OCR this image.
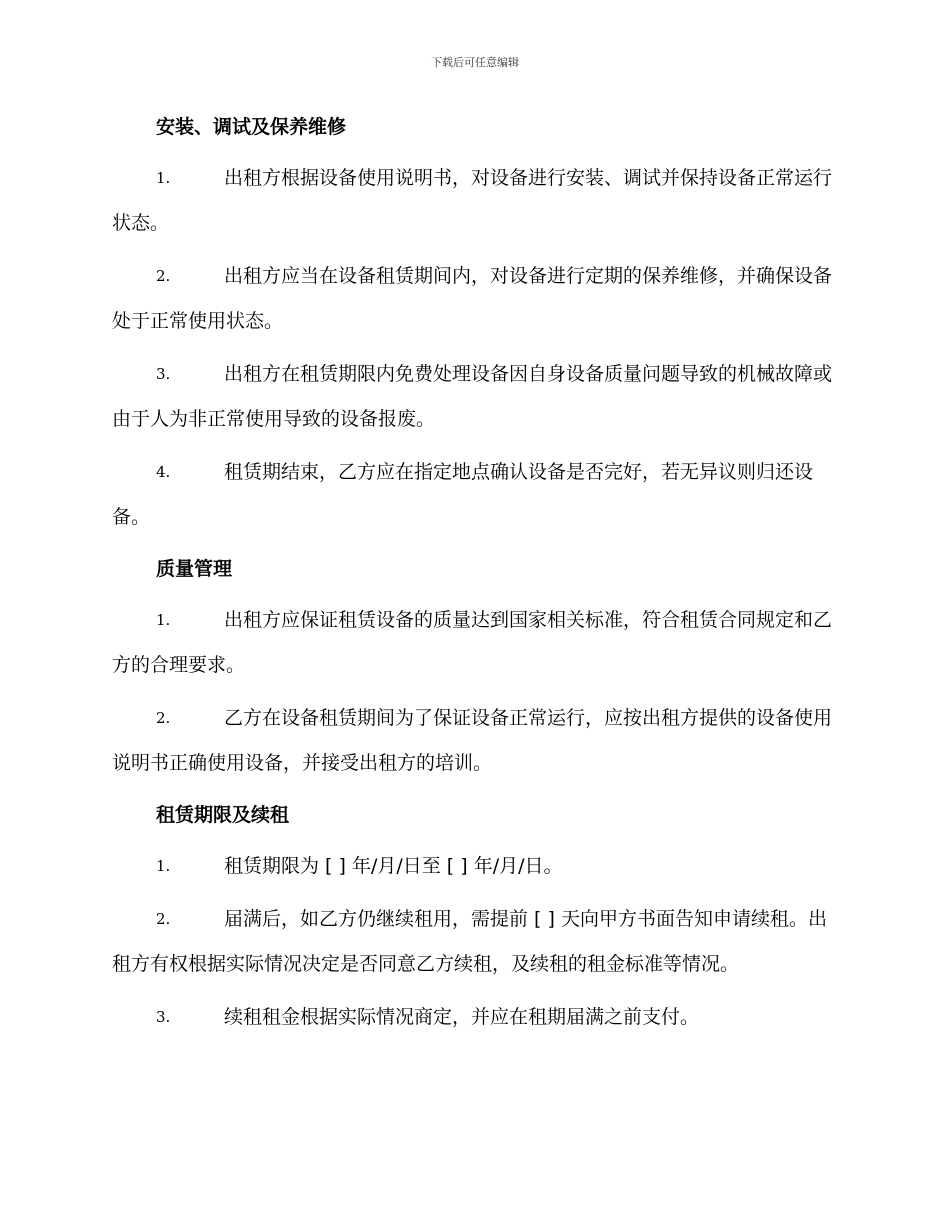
下载后可任意编辑

安装、调试及保养维修

1.	出租方根据设备使用说明书，对设备进行安装、调试并保持设备正常运行状态。

2.	出租方应当在设备租赁期间内，对设备进行定期的保养维修，并确保设备处于正常使用状态。

3.	出租方在租赁期限内免费处理设备因自身设备质量问题导致的机械故障或由于人为非正常使用导致的设备报废。

4.	租赁期结束，乙方应在指定地点确认设备是否完好，若无异议则归还设备。

质量管理

1.	出租方应保证租赁设备的质量达到国家相关标准，符合租赁合同规定和乙方的合理要求。

2.	乙方在设备租赁期间为了保证设备正常运行，应按出租方提供的设备使用说明书正确使用设备，并接受出租方的培训。

租赁期限及续租

1.	租赁期限为 [ ] 年/月/日至 [ ] 年/月/日。

2.	届满后，如乙方仍继续租用，需提前 [ ] 天向甲方书面告知申请续租。出租方有权根据实际情况决定是否同意乙方续租，及续租的租金标准等情况。

3.	续租租金根据实际情况商定，并应在租期届满之前支付。
